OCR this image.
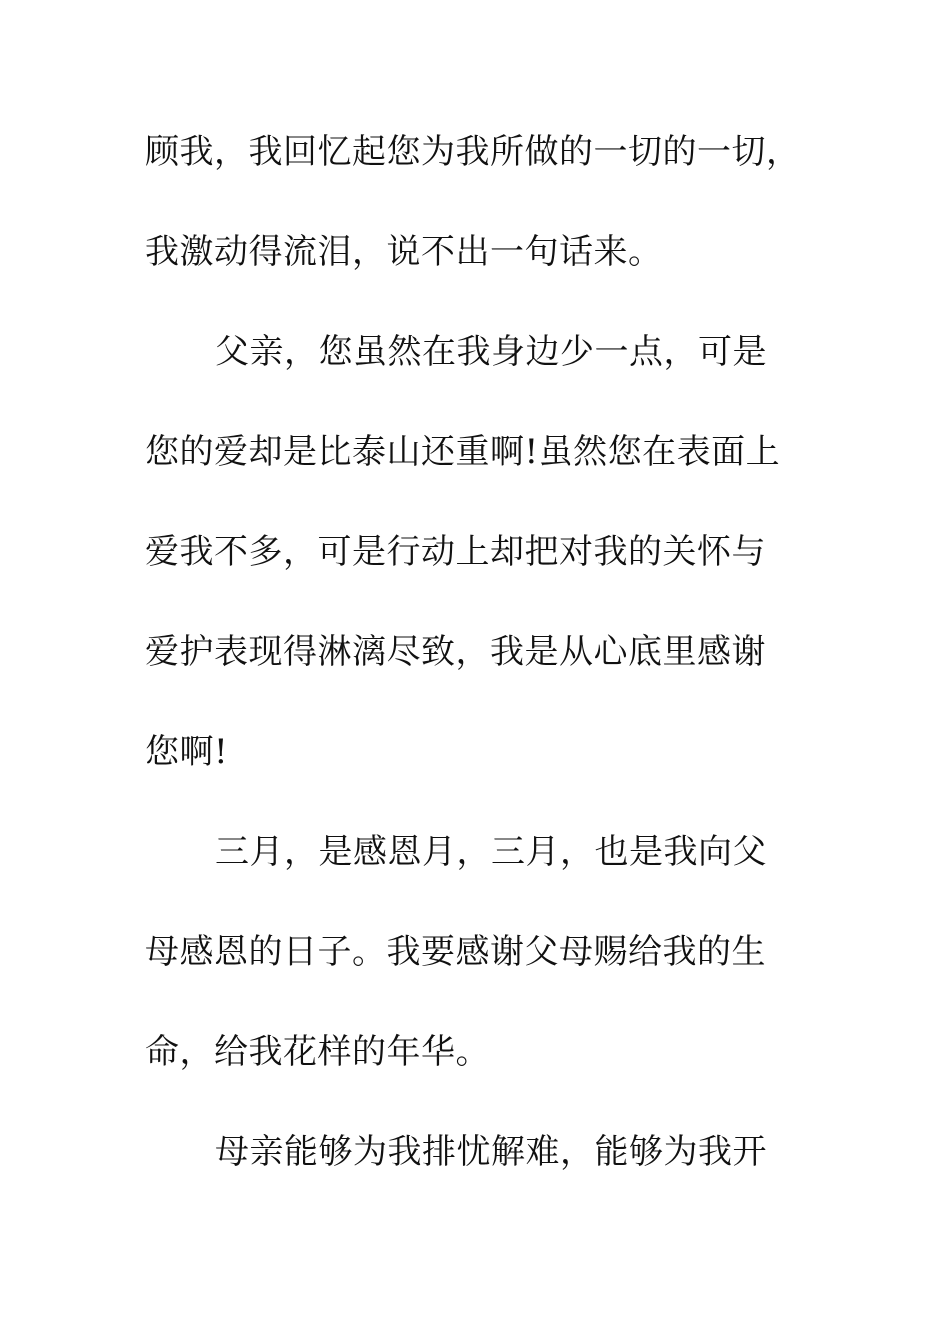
顾我，我回忆起您为我所做的一切的一切，
我激动得流泪，说不出一句话来。
父亲，您虽然在我身边少一点，可是
您的爱却是比泰山还重啊!虽然您在表面上
爱我不多，可是行动上却把对我的关怀与
爱护表现得淋漓尽致，我是从心底里感谢
您啊!
三月，是感恩月，三月，也是我向父
母感恩的日子。我要感谢父母赐给我的生
命，给我花样的年华。
母亲能够为我排忧解难，能够为我开
